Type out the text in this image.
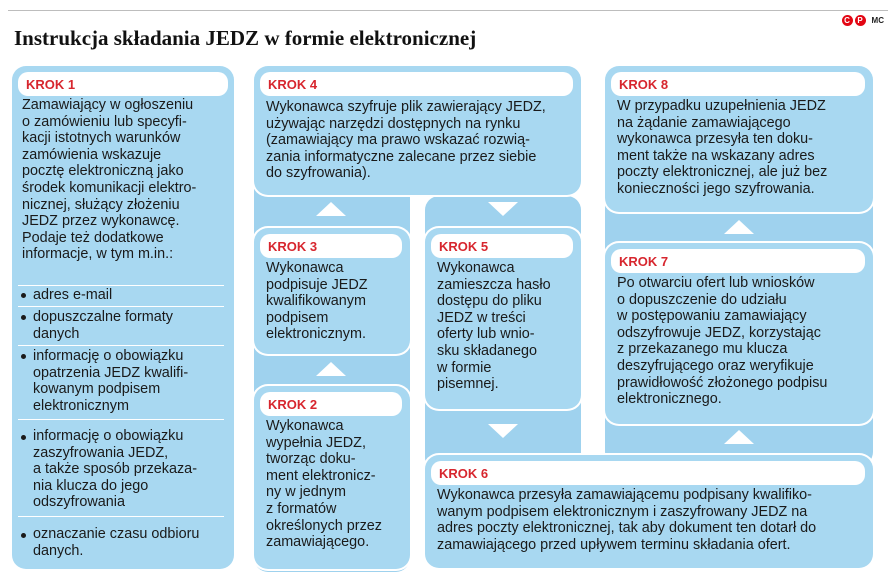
Instrukcja składania JEDZ w formie elektronicznej
C P	MC
KROK 1
Zamawiający w ogłoszeniu
o zamówieniu lub specyfi-
kacji istotnych warunków
zamówienia wskazuje
pocztę elektroniczną jako
środek komunikacji elektro-
nicznej, służący złożeniu
JEDZ przez wykonawcę.
Podaje też dodatkowe
informacje, w tym m.in.:
adres e-mail
dopuszczalne formaty
danych
informację o obowiązku
opatrzenia JEDZ kwalifi-
kowanym podpisem
elektronicznym
informację o obowiązku
zaszyfrowania JEDZ,
a także sposób przekaza-
nia klucza do jego
odszyfrowania
oznaczanie czasu odbioru
danych.
KROK 2
Wykonawca
wypełnia JEDZ,
tworząc doku-
ment elektronicz-
ny w jednym
z formatów
określonych przez
zamawiającego.
KROK 3
Wykonawca
podpisuje JEDZ
kwalifikowanym
podpisem
elektronicznym.
KROK 4
Wykonawca szyfruje plik zawierający JEDZ,
używając narzędzi dostępnych na rynku
(zamawiający ma prawo wskazać rozwią-
zania informatyczne zalecane przez siebie
do szyfrowania).
KROK 5
Wykonawca
zamieszcza hasło
dostępu do pliku
JEDZ w treści
oferty lub wnio-
sku składanego
w formie
pisemnej.
KROK 6
Wykonawca przesyła zamawiającemu podpisany kwalifiko-
wanym podpisem elektronicznym i zaszyfrowany JEDZ na
adres poczty elektronicznej, tak aby dokument ten dotarł do
zamawiającego przed upływem terminu składania ofert.
KROK 7
Po otwarciu ofert lub wniosków
o dopuszczenie do udziału
w postępowaniu zamawiający
odszyfrowuje JEDZ, korzystając
z przekazanego mu klucza
deszyfrującego oraz weryfikuje
prawidłowość złożonego podpisu
elektronicznego.
KROK 8
W przypadku uzupełnienia JEDZ
na żądanie zamawiającego
wykonawca przesyła ten doku-
ment także na wskazany adres
poczty elektronicznej, ale już bez
konieczności jego szyfrowania.
